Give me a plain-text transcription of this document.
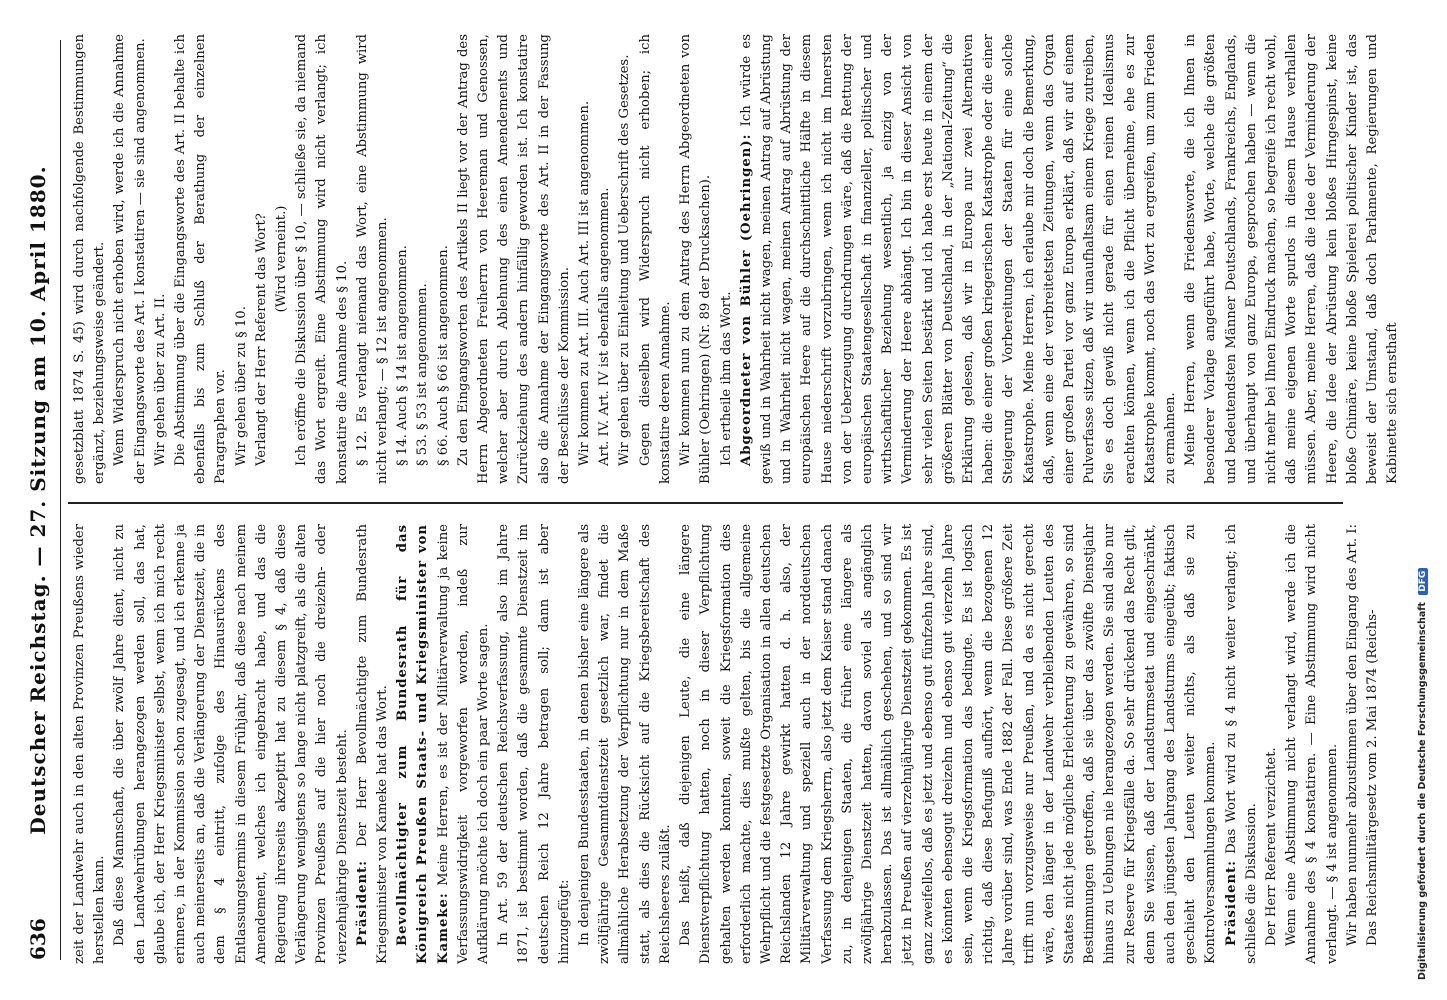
636
Deutscher Reichstag. — 27. Sitzung am 10. April 1880. zeit der Landwehr auch in den alten Provinzen Preußens wieder herstellen kann. Daß diese Mannschaft, die über zwölf Jahre dient, nicht zu den Landwehrübungen herangezogen werden soll, das hat, glaube ich, der Herr Kriegsminister selbst, wenn ich mich recht erinnere, in der Kommission schon zugesagt, und ich erkenne ja auch meinerseits an, daß die Verlängerung der Dienstzeit, die in dem § 4 eintritt, zufolge des Hinausrückens des Entlassungstermins in diesem Frühjahr, daß diese nach meinem Amendement, welches ich eingebracht habe, und das die Regierung ihrerseits akzeptirt hat zu diesem § 4, daß diese Verlängerung wenigstens so lange nicht platzgreift, als die alten Provinzen Preußens auf die hier noch die dreizehn- oder vierzehnjährige Dienstzeit besteht. Präsident: Der Herr Bevollmächtigte zum Bundesrath Kriegsminister von Kameke hat das Wort. Bevollmächtigter zum Bundesrath für das Königreich Preußen Staats- und Kriegsminister von Kameke: Meine Herren, es ist der Militärverwaltung ja keine Verfassungswidrigkeit vorgeworfen worden, indeß zur Aufklärung möchte ich doch ein paar Worte sagen. In Art. 59 der deutschen Reichsverfassung, also im Jahre 1871, ist bestimmt worden, daß die gesammte Dienstzeit im deutschen Reich 12 Jahre betragen soll; dann ist aber hinzugefügt: In denjenigen Bundesstaaten, in denen bisher eine längere als zwölfjährige Gesammtdienstzeit gesetzlich war, findet die allmähliche Herabsetzung der Verpflichtung nur in dem Maße statt, als dies die Rücksicht auf die Kriegsbereitschaft des Reichsheeres zuläßt. Das heißt, daß diejenigen Leute, die eine längere Dienstverpflichtung hatten, noch in dieser Verpflichtung gehalten werden konnten, soweit die Kriegsformation dies erforderlich machte, dies mußte gelten, bis die allgemeine Wehrpflicht und die festgesetzte Organisation in allen deutschen Reichslanden 12 Jahre gewirkt hatten d. h. also, der Militärverwaltung und speziell auch in der norddeutschen Verfassung dem Kriegsherrn, also jetzt dem Kaiser stand danach zu, in denjenigen Staaten, die früher eine längere als zwölfjährige Dienstzeit hatten, davon soviel als angänglich herabzulassen. Das ist allmählich geschehen, und so sind wir jetzt in Preußen auf vierzehnjährige Dienstzeit gekommen. Es ist ganz zweifellos, daß es jetzt und ebenso gut fünfzehn Jahre sind, es könnten ebensogut dreizehn und ebenso gut vierzehn Jahre sein, wenn die Kriegsformation das bedingte. Es ist logisch richtig, daß diese Befugniß aufhört, wenn die bezogenen 12 Jahre vorüber sind, was Ende 1882 der Fall. Diese größere Zeit trifft nun vorzugsweise nur Preußen, und da es nicht gerecht wäre, den länger in der Landwehr verbleibenden Leuten des Staates nicht jede mögliche Erleichterung zu gewähren, so sind Bestimmungen getroffen, daß sie über das zwölfte Dienstjahr hinaus zu Uebungen nie herangezogen werden. Sie sind also nur zur Reserve für Kriegsfälle da. So sehr drückend das Recht gilt, denn Sie wissen, daß der Landsturmsetat und eingeschränkt, auch den jüngsten Jahrgang des Landsturms eingeübt; faktisch geschieht den Leuten weiter nichts, als daß sie zu Kontrolversammlungen kommen. Präsident: Das Wort wird zu § 4 nicht weiter verlangt; ich schließe die Diskussion. Der Herr Referent verzichtet. Wenn eine Abstimmung nicht verlangt wird, werde ich die Annahme des § 4 konstatiren. — Eine Abstimmung wird nicht verlangt. — § 4 ist angenommen. Wir haben nunmehr abzustimmen über den Eingang des Art. I: Das Reichsmilitärgesetz vom 2. Mai 1874 (Reichs-

gesetzblatt 1874 S. 45) wird durch nachfolgende Bestimmungen ergänzt, beziehungsweise geändert. Wenn Widerspruch nicht erhoben wird, werde ich die Annahme der Eingangsworte des Art. I konstatiren — sie sind angenommen. Wir gehen über zu Art. II. Die Abstimmung über die Eingangsworte des Art. II behalte ich ebenfalls bis zum Schluß der Berathung der einzelnen Paragraphen vor. Wir gehen über zu § 10. Verlangt der Herr Referent das Wort? (Wird verneint.) Ich eröffne die Diskussion über § 10, — schließe sie, da niemand das Wort ergreift. Eine Abstimmung wird nicht verlangt; ich konstatire die Annahme des § 10. § 12. Es verlangt niemand das Wort, eine Abstimmung wird nicht verlangt; — § 12 ist angenommen. § 14. Auch § 14 ist angenommen. § 53. § 53 ist angenommen. § 66. Auch § 66 ist angenommen. Zu den Eingangsworten des Artikels II liegt vor der Antrag des Herrn Abgeordneten Freiherrn von Heereman und Genossen, welcher aber durch Ablehnung des einen Amendements und Zurückziehung des andern hinfällig geworden ist. Ich konstatire also die Annahme der Eingangsworte des Art. II in der Fassung der Beschlüsse der Kommission. Wir kommen zu Art. III. Auch Art. III ist angenommen. Art. IV. Art. IV ist ebenfalls angenommen. Wir gehen über zu Einleitung und Ueberschrift des Gesetzes. Gegen dieselben wird Widerspruch nicht erhoben; ich konstatire deren Annahme. Wir kommen nun zu dem Antrag des Herrn Abgeordneten von Bühler (Oehringen) (Nr. 89 der Drucksachen). Ich ertheile ihm das Wort. Abgeordneter von Bühler (Oehringen): Ich würde es gewiß und in Wahrheit nicht wagen, meinen Antrag auf Abrüstung und in Wahrheit nicht wagen, meinen Antrag auf Abrüstung der europäischen Heere auf die durchschnittliche Hälfte in diesem Hause niederschrift vorzubringen, wenn ich nicht im Innersten von der Ueberzeugung durchdrungen wäre, daß die Rettung der europäischen Staatengesellschaft in finanzieller, politischer und wirthschaftlicher Beziehung wesentlich, ja einzig von der Verminderung der Heere abhängt. Ich bin in dieser Ansicht von sehr vielen Seiten bestärkt und ich habe erst heute in einem der größeren Blätter von Deutschland, in der „National-Zeitung“ die Erklärung gelesen, daß wir in Europa nur zwei Alternativen haben: die einer großen kriegerischen Katastrophe oder die einer Steigerung der Vorbereitungen der Staaten für eine solche Katastrophe. Meine Herren, ich erlaube mir doch die Bemerkung, daß, wenn eine der verbreitetsten Zeitungen, wenn das Organ einer großen Partei vor ganz Europa erklärt, daß wir auf einem Pulverfasse sitzen, daß wir unaufhaltsam einem Kriege zutreiben, Sie es doch gewiß nicht gerade für einen reinen Idealismus erachten können, wenn ich die Pflicht übernehme, ehe es zur Katastrophe kommt, noch das Wort zu ergreifen, um zum Frieden zu ermahnen. Meine Herren, wenn die Friedensworte, die ich Ihnen in besonderer Vorlage angeführt habe, Worte, welche die größten und bedeutendsten Männer Deutschlands, Frankreichs, Englands, und überhaupt von ganz Europa, gesprochen haben — wenn die nicht mehr bei Ihnen Eindruck machen, so begreife ich recht wohl, daß meine eigenen Worte spurlos in diesem Hause verhallen müssen. Aber, meine Herren, daß die Idee der Verminderung der Heere, die Idee der Abrüstung kein bloßes Hirngespinst, keine bloße Chimäre, keine bloße Spielerei politischer Kinder ist, das beweist der Umstand, daß doch Parlamente, Regierungen und Kabinette sich ernsthaft

Digitalisierung gefördert durch die Deutsche Forschungsgemeinschaft DFG
